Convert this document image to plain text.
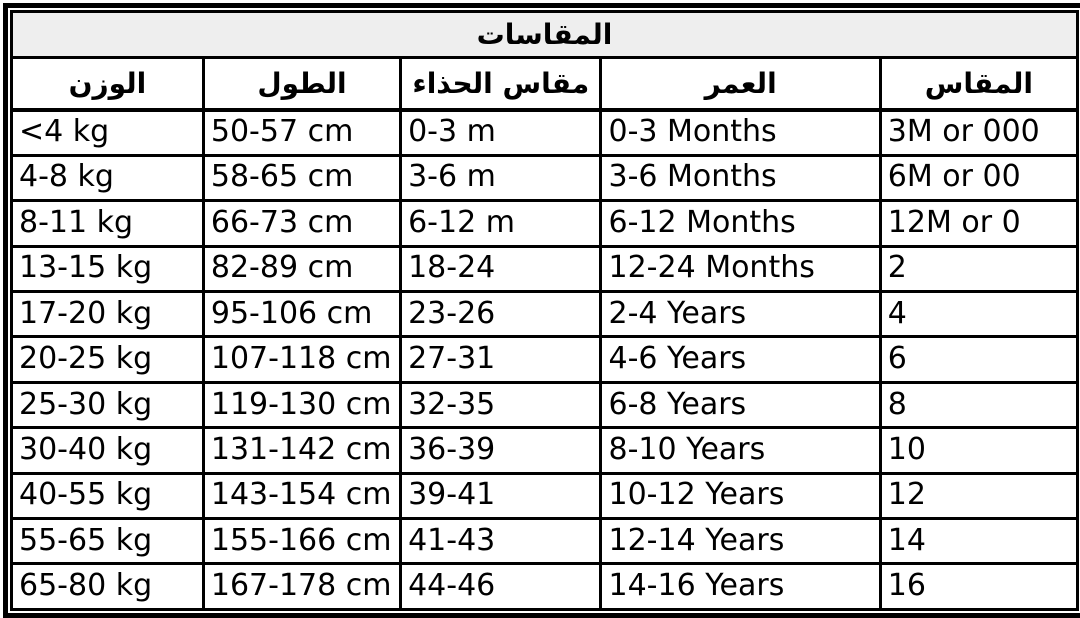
المقاسات				
الوزن	الطول	مقاس الحذاء	العمر	المقاس
<4 kg	50-57 cm	0-3 m	0-3 Months	3M or 000
4-8 kg	58-65 cm	3-6 m	3-6 Months	6M or 00
8-11 kg	66-73 cm	6-12 m	6-12 Months	12M or 0
13-15 kg	82-89 cm	18-24	12-24 Months	2
17-20 kg	95-106 cm	23-26	2-4 Years	4
20-25 kg	107-118 cm	27-31	4-6 Years	6
25-30 kg	119-130 cm	32-35	6-8 Years	8
30-40 kg	131-142 cm	36-39	8-10 Years	10
40-55 kg	143-154 cm	39-41	10-12 Years	12
55-65 kg	155-166 cm	41-43	12-14 Years	14
65-80 kg	167-178 cm	44-46	14-16 Years	16
